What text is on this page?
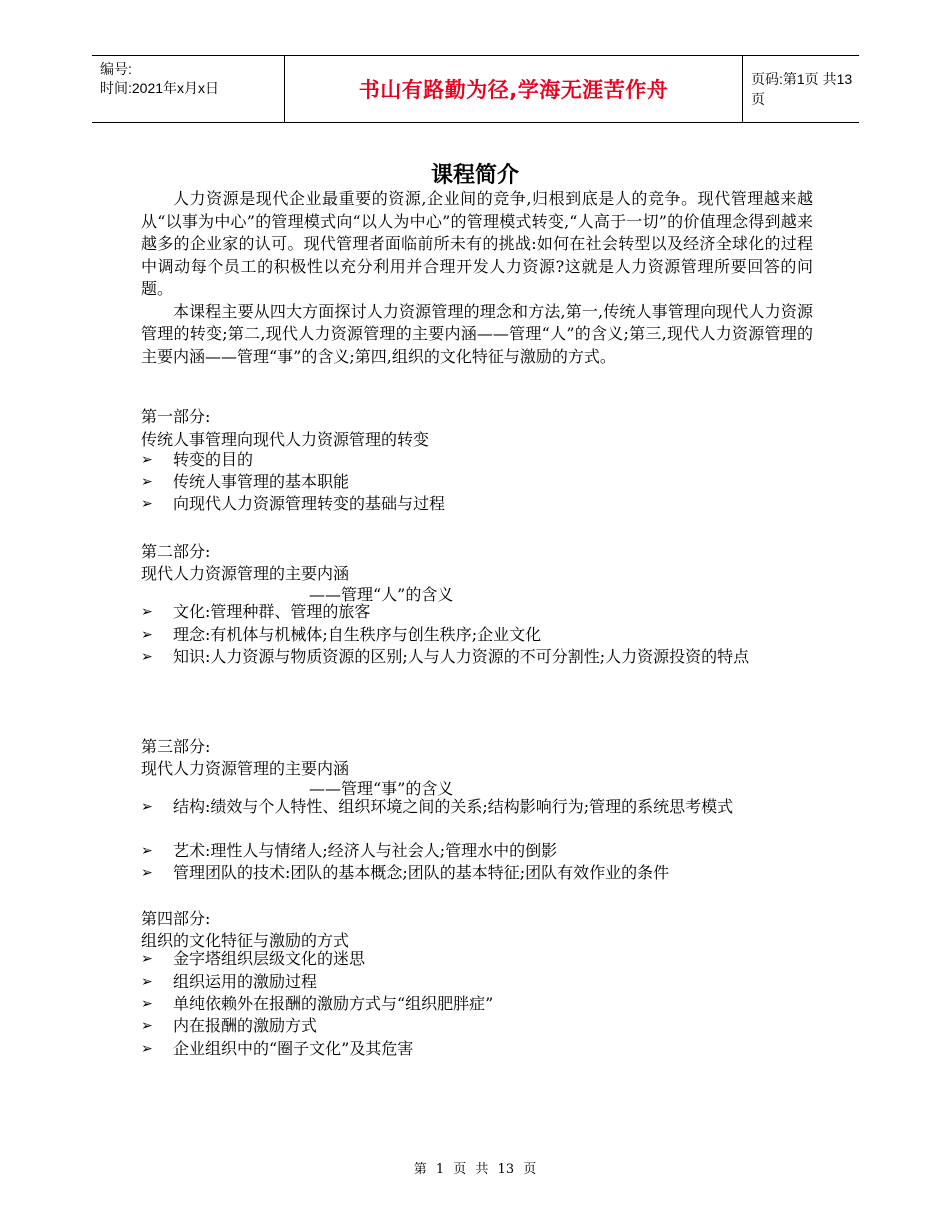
编号:
时间:2021年x月x日	书山有路勤为径,学海无涯苦作舟	页码:第1页 共13页
课程简介

人力资源是现代企业最重要的资源,企业间的竞争,归根到底是人的竞争。现代管理越来越从“以事为中心”的管理模式向“以人为中心”的管理模式转变,“人高于一切”的价值理念得到越来越多的企业家的认可。现代管理者面临前所未有的挑战:如何在社会转型以及经济全球化的过程中调动每个员工的积极性以充分利用并合理开发人力资源?这就是人力资源管理所要回答的问题。

本课程主要从四大方面探讨人力资源管理的理念和方法,第一,传统人事管理向现代人力资源管理的转变;第二,现代人力资源管理的主要内涵——管理“人”的含义;第三,现代人力资源管理的主要内涵——管理“事”的含义;第四,组织的文化特征与激励的方式。

第一部分:
传统人事管理向现代人力资源管理的转变
➢ 转变的目的
➢ 传统人事管理的基本职能
➢ 向现代人力资源管理转变的基础与过程
第二部分:
现代人力资源管理的主要内涵
——管理“人”的含义
➢ 文化:管理种群、管理的旅客
➢ 理念:有机体与机械体;自生秩序与创生秩序;企业文化
➢ 知识:人力资源与物质资源的区别;人与人力资源的不可分割性;人力资源投资的特点
第三部分:
现代人力资源管理的主要内涵
——管理“事”的含义
➢ 结构:绩效与个人特性、组织环境之间的关系;结构影响行为;管理的系统思考模式
➢ 艺术:理性人与情绪人;经济人与社会人;管理水中的倒影
➢ 管理团队的技术:团队的基本概念;团队的基本特征;团队有效作业的条件
第四部分:
组织的文化特征与激励的方式
➢ 金字塔组织层级文化的迷思
➢ 组织运用的激励过程
➢ 单纯依赖外在报酬的激励方式与“组织肥胖症”
➢ 内在报酬的激励方式
➢ 企业组织中的“圈子文化”及其危害
第 1 页 共 13 页
